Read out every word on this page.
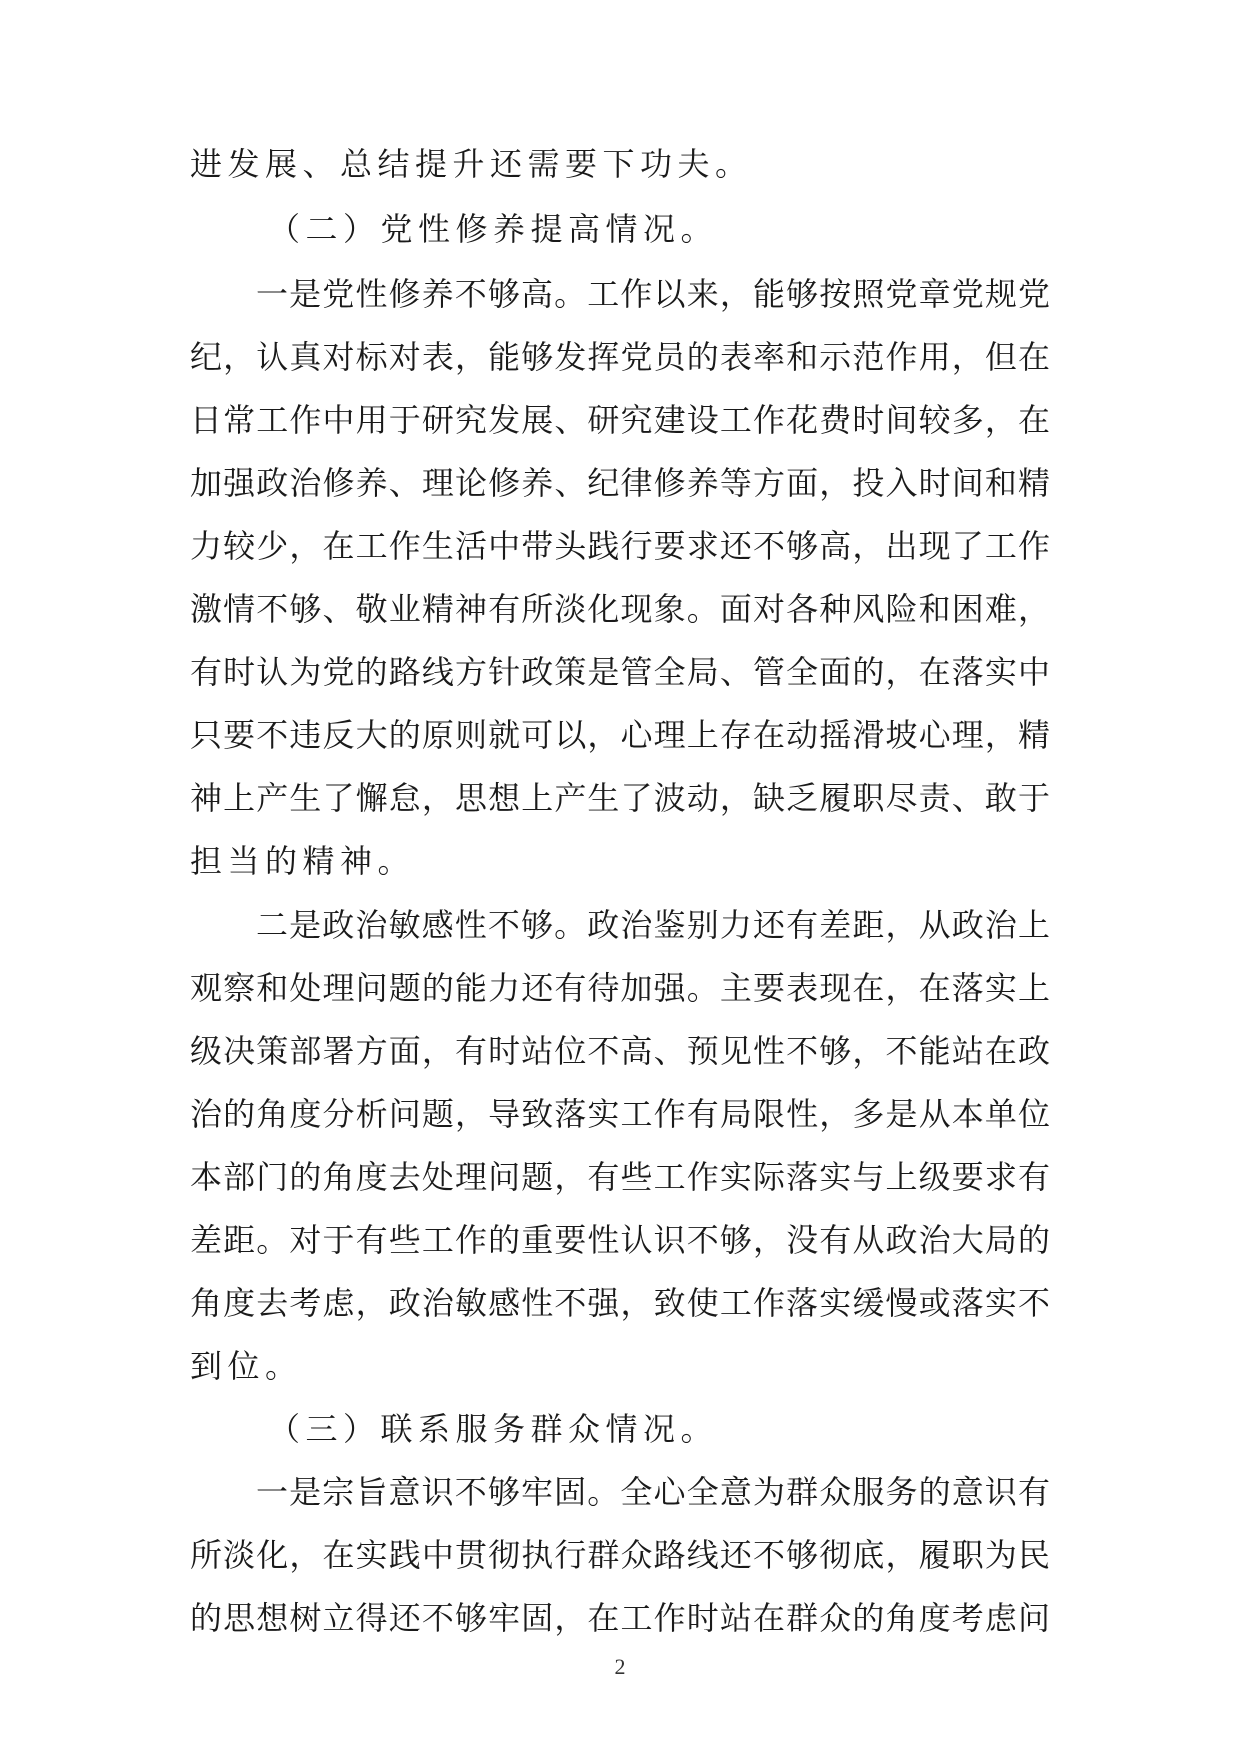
进发展、总结提升还需要下功夫。
（二）党性修养提高情况。
一是党性修养不够高。工作以来，能够按照党章党规党
纪，认真对标对表，能够发挥党员的表率和示范作用，但在
日常工作中用于研究发展、研究建设工作花费时间较多，在
加强政治修养、理论修养、纪律修养等方面，投入时间和精
力较少，在工作生活中带头践行要求还不够高，出现了工作
激情不够、敬业精神有所淡化现象。面对各种风险和困难，
有时认为党的路线方针政策是管全局、管全面的，在落实中
只要不违反大的原则就可以，心理上存在动摇滑坡心理，精
神上产生了懈怠，思想上产生了波动，缺乏履职尽责、敢于
担当的精神。
二是政治敏感性不够。政治鉴别力还有差距，从政治上
观察和处理问题的能力还有待加强。主要表现在，在落实上
级决策部署方面，有时站位不高、预见性不够，不能站在政
治的角度分析问题，导致落实工作有局限性，多是从本单位
本部门的角度去处理问题，有些工作实际落实与上级要求有
差距。对于有些工作的重要性认识不够，没有从政治大局的
角度去考虑，政治敏感性不强，致使工作落实缓慢或落实不
到位。
（三）联系服务群众情况。
一是宗旨意识不够牢固。全心全意为群众服务的意识有
所淡化，在实践中贯彻执行群众路线还不够彻底，履职为民
的思想树立得还不够牢固，在工作时站在群众的角度考虑问
2
